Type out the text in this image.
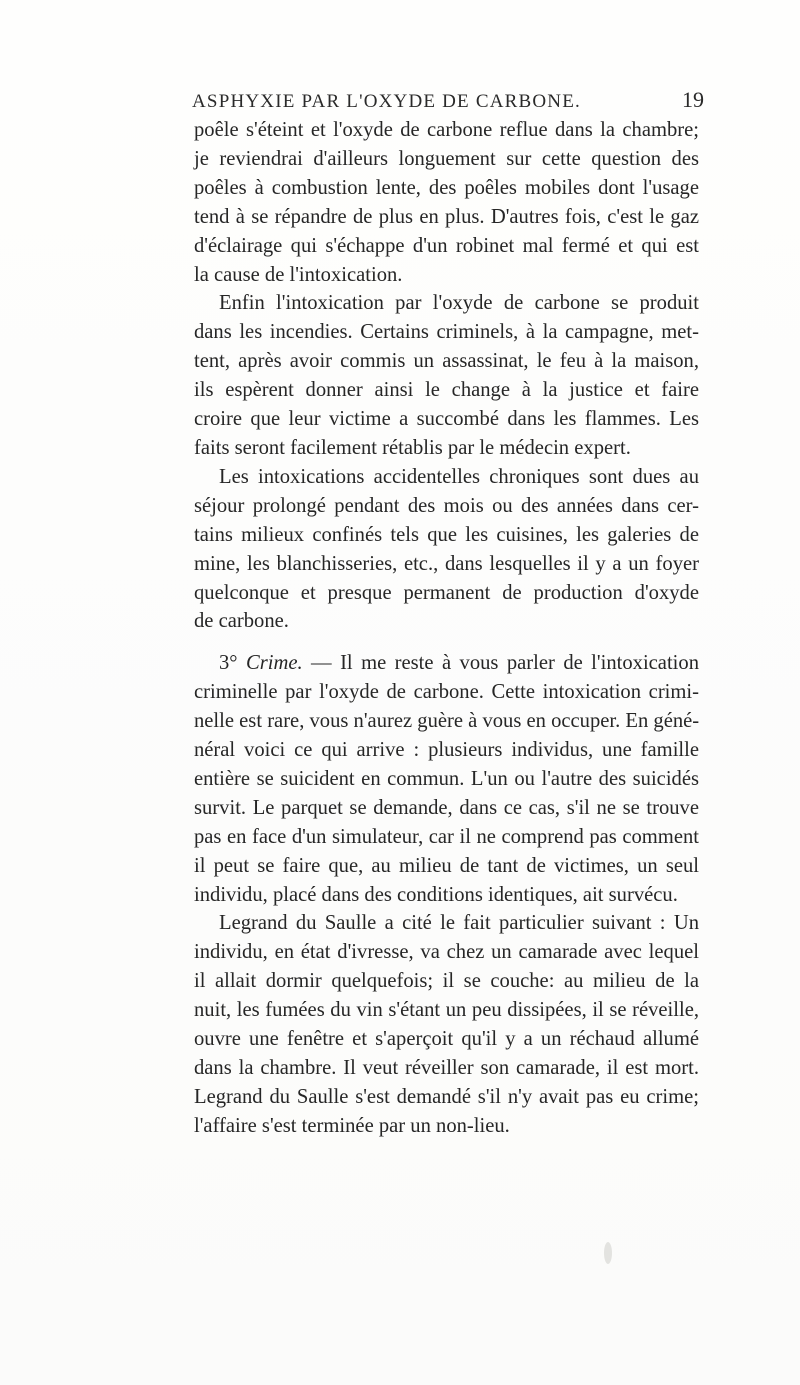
ASPHYXIE PAR L'OXYDE DE CARBONE.	19
poêle s'éteint et l'oxyde de carbone reflue dans la chambre;
je reviendrai d'ailleurs longuement sur cette question des
poêles à combustion lente, des poêles mobiles dont l'usage
tend à se répandre de plus en plus. D'autres fois, c'est le gaz
d'éclairage qui s'échappe d'un robinet mal fermé et qui est
la cause de l'intoxication.
Enfin l'intoxication par l'oxyde de carbone se produit
dans les incendies. Certains criminels, à la campagne, met-
tent, après avoir commis un assassinat, le feu à la maison,
ils espèrent donner ainsi le change à la justice et faire
croire que leur victime a succombé dans les flammes. Les
faits seront facilement rétablis par le médecin expert.
Les intoxications accidentelles chroniques sont dues au
séjour prolongé pendant des mois ou des années dans cer-
tains milieux confinés tels que les cuisines, les galeries de
mine, les blanchisseries, etc., dans lesquelles il y a un foyer
quelconque et presque permanent de production d'oxyde
de carbone.
3° Crime. — Il me reste à vous parler de l'intoxication
criminelle par l'oxyde de carbone. Cette intoxication crimi-
nelle est rare, vous n'aurez guère à vous en occuper. En géné-
néral voici ce qui arrive : plusieurs individus, une famille
entière se suicident en commun. L'un ou l'autre des suicidés
survit. Le parquet se demande, dans ce cas, s'il ne se trouve
pas en face d'un simulateur, car il ne comprend pas comment
il peut se faire que, au milieu de tant de victimes, un seul
individu, placé dans des conditions identiques, ait survécu.
Legrand du Saulle a cité le fait particulier suivant : Un
individu, en état d'ivresse, va chez un camarade avec lequel
il allait dormir quelquefois; il se couche: au milieu de la
nuit, les fumées du vin s'étant un peu dissipées, il se réveille,
ouvre une fenêtre et s'aperçoit qu'il y a un réchaud allumé
dans la chambre. Il veut réveiller son camarade, il est mort.
Legrand du Saulle s'est demandé s'il n'y avait pas eu crime;
l'affaire s'est terminée par un non-lieu.
